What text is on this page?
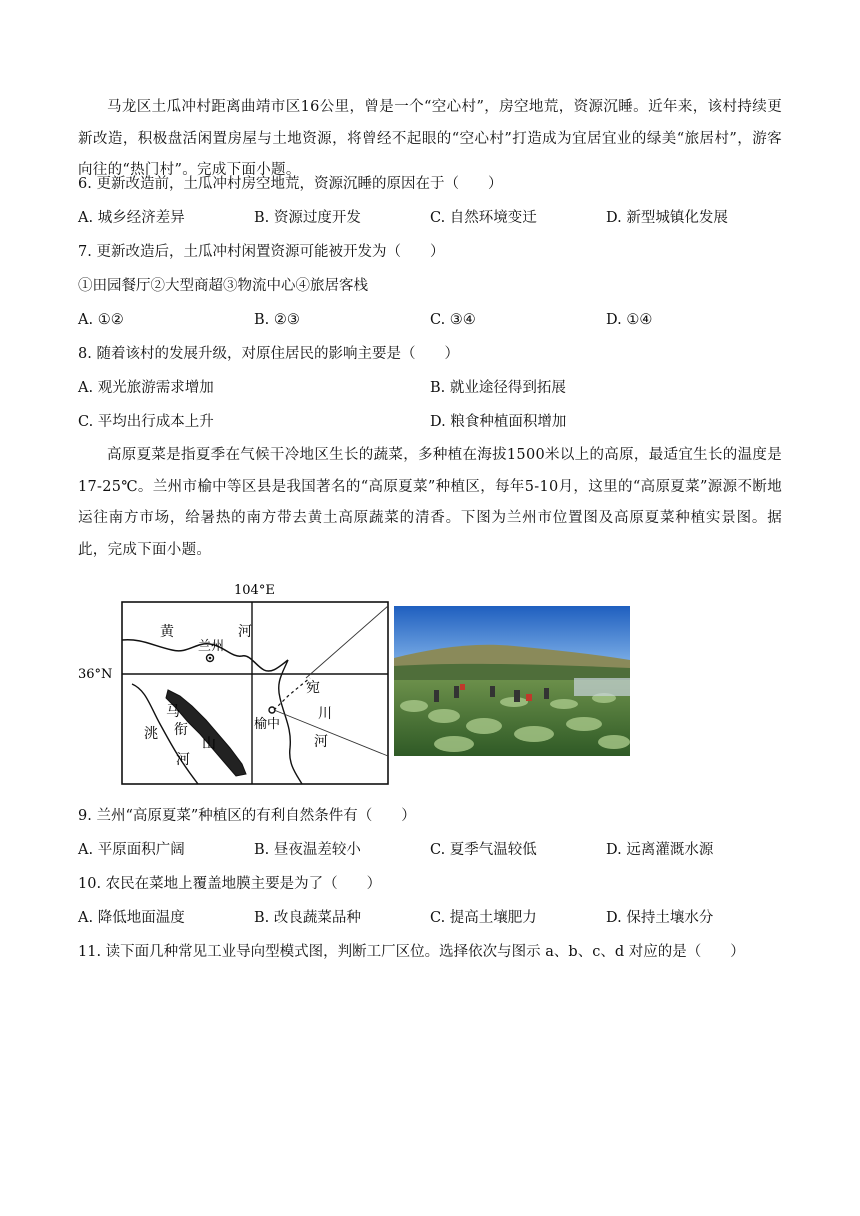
马龙区土瓜冲村距离曲靖市区16公里，曾是一个“空心村”，房空地荒，资源沉睡。近年来，该村持续更新改造，积极盘活闲置房屋与土地资源，将曾经不起眼的“空心村”打造成为宜居宜业的绿美“旅居村”，游客向往的“热门村”。完成下面小题。
6. 更新改造前，土瓜冲村房空地荒，资源沉睡的原因在于（　　）
A. 城乡经济差异	B. 资源过度开发	C. 自然环境变迁	D. 新型城镇化发展
7. 更新改造后，土瓜冲村闲置资源可能被开发为（　　）
①田园餐厅②大型商超③物流中心④旅居客栈
A. ①②	B. ②③	C. ③④	D. ①④
8. 随着该村的发展升级，对原住居民的影响主要是（　　）
A. 观光旅游需求增加	B. 就业途径得到拓展
C. 平均出行成本上升	D. 粮食种植面积增加
高原夏菜是指夏季在气候干冷地区生长的蔬菜，多种植在海拔1500米以上的高原，最适宜生长的温度是17-25℃。兰州市榆中等区县是我国著名的“高原夏菜”种植区，每年5-10月，这里的“高原夏菜”源源不断地运往南方市场，给暑热的南方带去黄土高原蔬菜的清香。下图为兰州市位置图及高原夏菜种植实景图。据此，完成下面小题。
104°E
36°N
黄	河
兰州
宛
川
河
榆中
洮
河
马
衔
山
9. 兰州“高原夏菜”种植区的有利自然条件有（　　）
A. 平原面积广阔	B. 昼夜温差较小	C. 夏季气温较低	D. 远离灌溉水源
10. 农民在菜地上覆盖地膜主要是为了（　　）
A. 降低地面温度	B. 改良蔬菜品种	C. 提高土壤肥力	D. 保持土壤水分
11. 读下面几种常见工业导向型模式图，判断工厂区位。选择依次与图示 a、b、c、d 对应的是（　　）
